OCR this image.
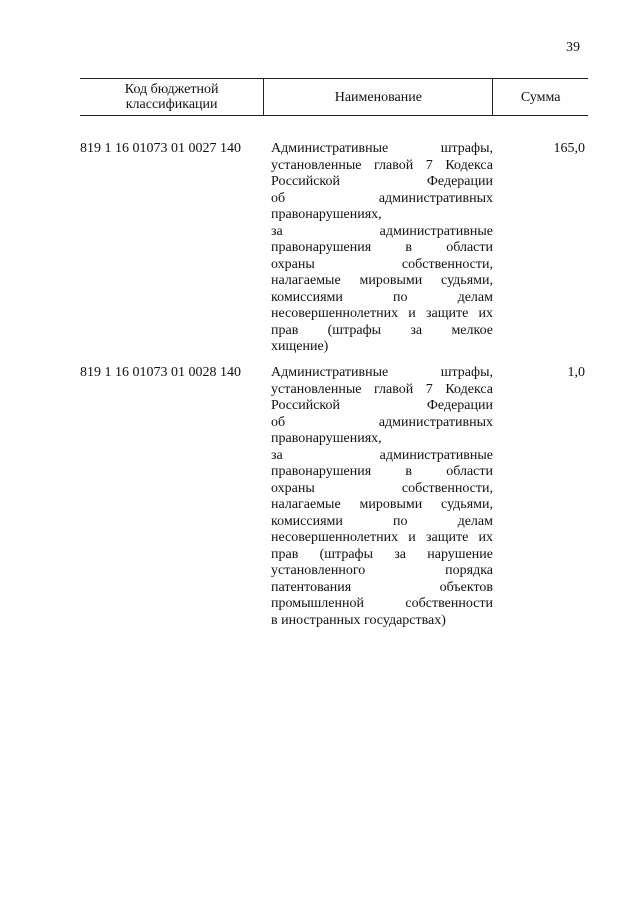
39
Код бюджетной
классификации	Наименование	Сумма
819 1 16 01073 01 0027 140 Административные штрафы,
установленные главой 7 Кодекса
Российской Федерации
об административных
правонарушениях,
за административные
правонарушения в области
охраны собственности,
налагаемые мировыми судьями,
комиссиями по делам
несовершеннолетних и защите их
прав (штрафы за мелкое
хищение)
165,0
819 1 16 01073 01 0028 140 Административные штрафы,
установленные главой 7 Кодекса
Российской Федерации
об административных
правонарушениях,
за административные
правонарушения в области
охраны собственности,
налагаемые мировыми судьями,
комиссиями по делам
несовершеннолетних и защите их
прав (штрафы за нарушение
установленного порядка
патентования объектов
промышленной собственности
в иностранных государствах)
1,0
